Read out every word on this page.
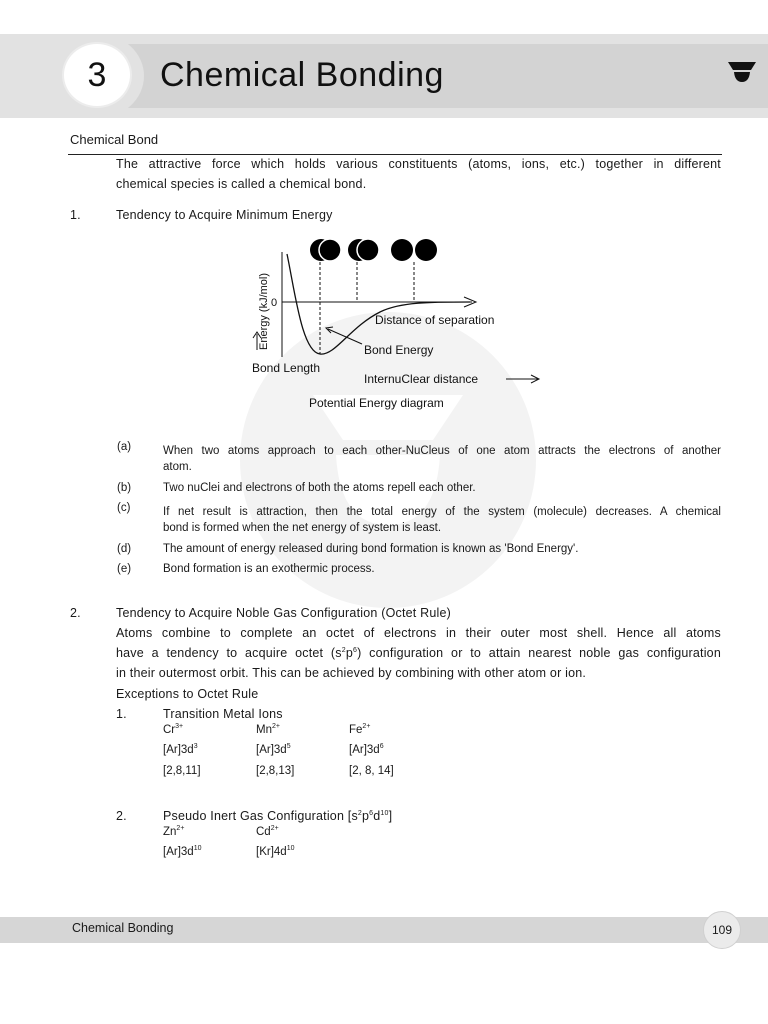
3	Chemical Bonding
Chemical Bond
The attractive force which holds various constituents (atoms, ions, etc.) together in different
chemical species is called a chemical bond.
1.	Tendency to Acquire Minimum Energy
Energy (kJ/mol) 0
Distance of separation
Bond Energy
Bond Length
InternuClear distance
Potential Energy diagram
(a)	When two atoms approach to each other-NuCleus of one atom attracts the electrons of another
atom.
(b)	Two nuClei and electrons of both the atoms repell each other.
(c)	If net result is attraction, then the total energy of the system (molecule) decreases. A chemical
bond is formed when the net energy of system is least.
(d)	The amount of energy released during bond formation is known as 'Bond Energy'.
(e)	Bond formation is an exothermic process.
2.	Tendency to Acquire Noble Gas Configuration (Octet Rule)
Atoms combine to complete an octet of electrons in their outer most shell. Hence all atoms
have a tendency to acquire octet $(s^2p^6)$ configuration or to attain nearest noble gas configuration
in their outermost orbit. This can be achieved by combining with other atom or ion.
Exceptions to Octet Rule
1.	Transition Metal Ions
$Cr^{3+}$	$Mn^{2+}$	$Fe^{2+}$
$[Ar]3d^3$	$[Ar]3d^5$	$[Ar]3d^6$
[2,8,11]	[2,8,13]	[2, 8, 14]
2.	Pseudo Inert Gas Configuration $[s^2p^6d^{10}]$
$Zn^{2+}$	$Cd^{2+}$
$[Ar]3d^{10}$	$[Kr]4d^{10}$
Chemical Bonding	109
